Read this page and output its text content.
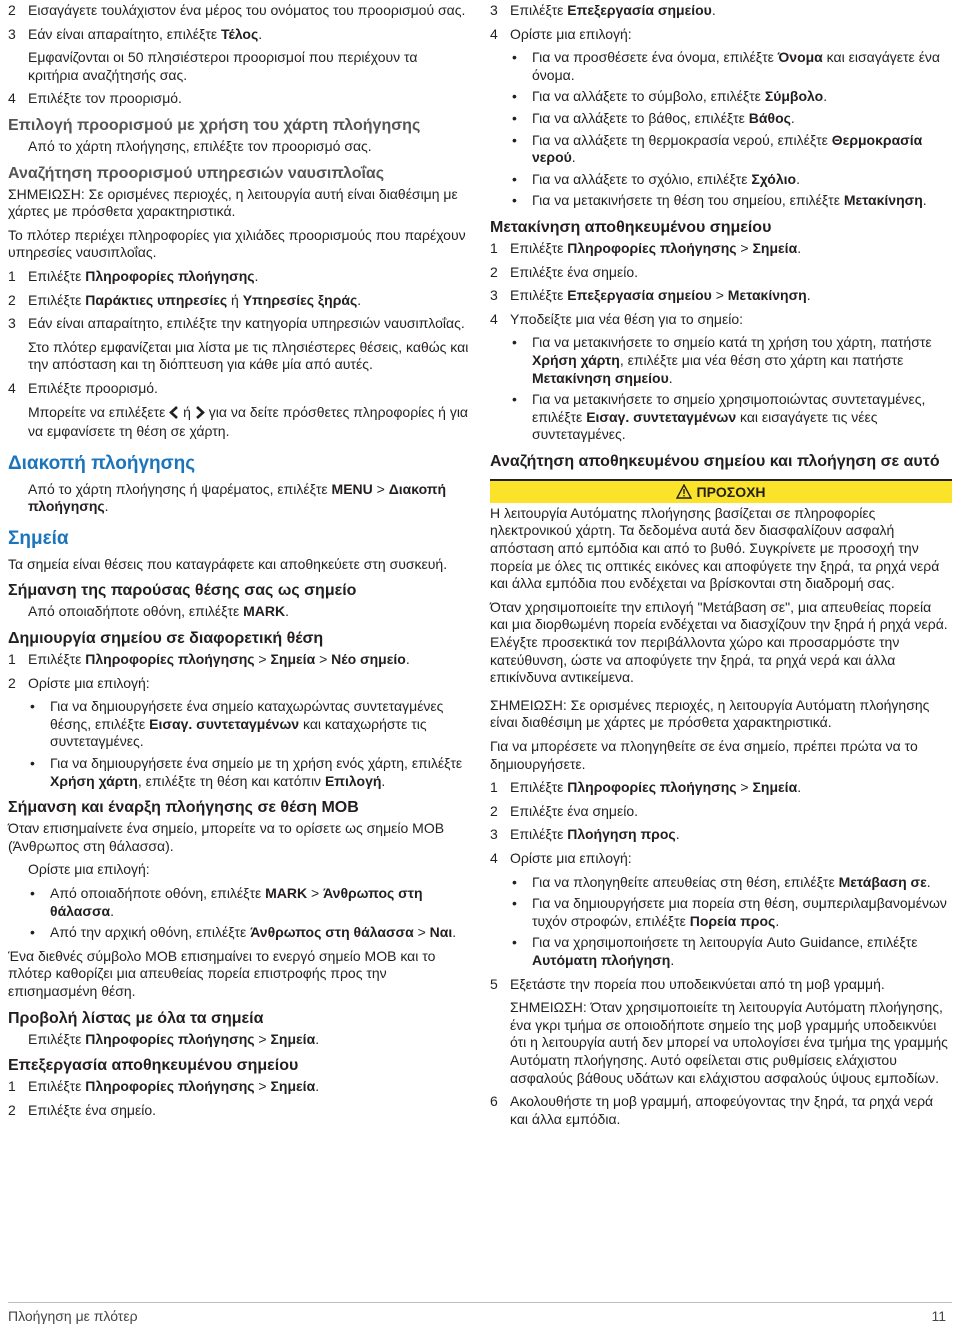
2 Εισαγάγετε τουλάχιστον ένα μέρος του ονόματος του προορισμού σας.
3 Εάν είναι απαραίτητο, επιλέξτε Τέλος.
Εμφανίζονται οι 50 πλησιέστεροι προορισμοί που περιέχουν τα κριτήρια αναζήτησής σας.
4 Επιλέξτε τον προορισμό.
Επιλογή προορισμού με χρήση του χάρτη πλοήγησης
Από το χάρτη πλοήγησης, επιλέξτε τον προορισμό σας.
Αναζήτηση προορισμού υπηρεσιών ναυσιπλοΐας
ΣΗΜΕΙΩΣΗ: Σε ορισμένες περιοχές, η λειτουργία αυτή είναι διαθέσιμη με χάρτες με πρόσθετα χαρακτηριστικά.
Το πλότερ περιέχει πληροφορίες για χιλιάδες προορισμούς που παρέχουν υπηρεσίες ναυσιπλοΐας.
1 Επιλέξτε Πληροφορίες πλοήγησης.
2 Επιλέξτε Παράκτιες υπηρεσίες ή Υπηρεσίες ξηράς.
3 Εάν είναι απαραίτητο, επιλέξτε την κατηγορία υπηρεσιών ναυσιπλοΐας.
Στο πλότερ εμφανίζεται μια λίστα με τις πλησιέστερες θέσεις, καθώς και την απόσταση και τη διόπτευση για κάθε μία από αυτές.
4 Επιλέξτε προορισμό.
Μπορείτε να επιλέξετε  ή  για να δείτε πρόσθετες πληροφορίες ή για να εμφανίσετε τη θέση σε χάρτη.
Διακοπή πλοήγησης
Από το χάρτη πλοήγησης ή ψαρέματος, επιλέξτε MENU > Διακοπή πλοήγησης.
Σημεία
Τα σημεία είναι θέσεις που καταγράφετε και αποθηκεύετε στη συσκευή.
Σήμανση της παρούσας θέσης σας ως σημείο
Από οποιαδήποτε οθόνη, επιλέξτε MARK.
Δημιουργία σημείου σε διαφορετική θέση
1 Επιλέξτε Πληροφορίες πλοήγησης > Σημεία > Νέο σημείο.
2 Ορίστε μια επιλογή:
• Για να δημιουργήσετε ένα σημείο καταχωρώντας συντεταγμένες θέσης, επιλέξτε Εισαγ. συντεταγμένων και καταχωρήστε τις συντεταγμένες.
• Για να δημιουργήσετε ένα σημείο με τη χρήση ενός χάρτη, επιλέξτε Χρήση χάρτη, επιλέξτε τη θέση και κατόπιν Επιλογή.
Σήμανση και έναρξη πλοήγησης σε θέση MOB
Όταν επισημαίνετε ένα σημείο, μπορείτε να το ορίσετε ως σημείο MOB (Άνθρωπος στη θάλασσα).
Ορίστε μια επιλογή:
• Από οποιαδήποτε οθόνη, επιλέξτε MARK > Άνθρωπος στη θάλασσα.
• Από την αρχική οθόνη, επιλέξτε Άνθρωπος στη θάλασσα > Ναι.
Ένα διεθνές σύμβολο MOB επισημαίνει το ενεργό σημείο MOB και το πλότερ καθορίζει μια απευθείας πορεία επιστροφής προς την επισημασμένη θέση.
Προβολή λίστας με όλα τα σημεία
Επιλέξτε Πληροφορίες πλοήγησης > Σημεία.
Επεξεργασία αποθηκευμένου σημείου
1 Επιλέξτε Πληροφορίες πλοήγησης > Σημεία.
2 Επιλέξτε ένα σημείο.
3 Επιλέξτε Επεξεργασία σημείου.
4 Ορίστε μια επιλογή:
• Για να προσθέσετε ένα όνομα, επιλέξτε Όνομα και εισαγάγετε ένα όνομα.
• Για να αλλάξετε το σύμβολο, επιλέξτε Σύμβολο.
• Για να αλλάξετε το βάθος, επιλέξτε Βάθος.
• Για να αλλάξετε τη θερμοκρασία νερού, επιλέξτε Θερμοκρασία νερού.
• Για να αλλάξετε το σχόλιο, επιλέξτε Σχόλιο.
• Για να μετακινήσετε τη θέση του σημείου, επιλέξτε Μετακίνηση.
Μετακίνηση αποθηκευμένου σημείου
1 Επιλέξτε Πληροφορίες πλοήγησης > Σημεία.
2 Επιλέξτε ένα σημείο.
3 Επιλέξτε Επεξεργασία σημείου > Μετακίνηση.
4 Υποδείξτε μια νέα θέση για το σημείο:
• Για να μετακινήσετε το σημείο κατά τη χρήση του χάρτη, πατήστε Χρήση χάρτη, επιλέξτε μια νέα θέση στο χάρτη και πατήστε Μετακίνηση σημείου.
• Για να μετακινήσετε το σημείο χρησιμοποιώντας συντεταγμένες, επιλέξτε Εισαγ. συντεταγμένων και εισαγάγετε τις νέες συντεταγμένες.
Αναζήτηση αποθηκευμένου σημείου και πλοήγηση σε αυτό
ΠΡΟΣΟΧΗ
Η λειτουργία Αυτόματης πλοήγησης βασίζεται σε πληροφορίες ηλεκτρονικού χάρτη. Τα δεδομένα αυτά δεν διασφαλίζουν ασφαλή απόσταση από εμπόδια και από το βυθό. Συγκρίνετε με προσοχή την πορεία με όλες τις οπτικές εικόνες και αποφύγετε την ξηρά, τα ρηχά νερά και άλλα εμπόδια που ενδέχεται να βρίσκονται στη διαδρομή σας.
Όταν χρησιμοποιείτε την επιλογή "Μετάβαση σε", μια απευθείας πορεία και μια διορθωμένη πορεία ενδέχεται να διασχίζουν την ξηρά ή ρηχά νερά. Ελέγξτε προσεκτικά τον περιβάλλοντα χώρο και προσαρμόστε την κατεύθυνση, ώστε να αποφύγετε την ξηρά, τα ρηχά νερά και άλλα επικίνδυνα αντικείμενα.
ΣΗΜΕΙΩΣΗ: Σε ορισμένες περιοχές, η λειτουργία Αυτόματη πλοήγησης είναι διαθέσιμη με χάρτες με πρόσθετα χαρακτηριστικά.
Για να μπορέσετε να πλοηγηθείτε σε ένα σημείο, πρέπει πρώτα να το δημιουργήσετε.
1 Επιλέξτε Πληροφορίες πλοήγησης > Σημεία.
2 Επιλέξτε ένα σημείο.
3 Επιλέξτε Πλοήγηση προς.
4 Ορίστε μια επιλογή:
• Για να πλοηγηθείτε απευθείας στη θέση, επιλέξτε Μετάβαση σε.
• Για να δημιουργήσετε μια πορεία στη θέση, συμπεριλαμβανομένων τυχόν στροφών, επιλέξτε Πορεία προς.
• Για να χρησιμοποιήσετε τη λειτουργία Auto Guidance, επιλέξτε Αυτόματη πλοήγηση.
5 Εξετάστε την πορεία που υποδεικνύεται από τη μοβ γραμμή.
ΣΗΜΕΙΩΣΗ: Όταν χρησιμοποιείτε τη λειτουργία Αυτόματη πλοήγησης, ένα γκρι τμήμα σε οποιοδήποτε σημείο της μοβ γραμμής υποδεικνύει ότι η λειτουργία αυτή δεν μπορεί να υπολογίσει ένα τμήμα της γραμμής Αυτόματη πλοήγησης. Αυτό οφείλεται στις ρυθμίσεις ελάχιστου ασφαλούς βάθους υδάτων και ελάχιστου ασφαλούς ύψους εμποδίων.
6 Ακολουθήστε τη μοβ γραμμή, αποφεύγοντας την ξηρά, τα ρηχά νερά και άλλα εμπόδια.
Πλοήγηση με πλότερ	11
